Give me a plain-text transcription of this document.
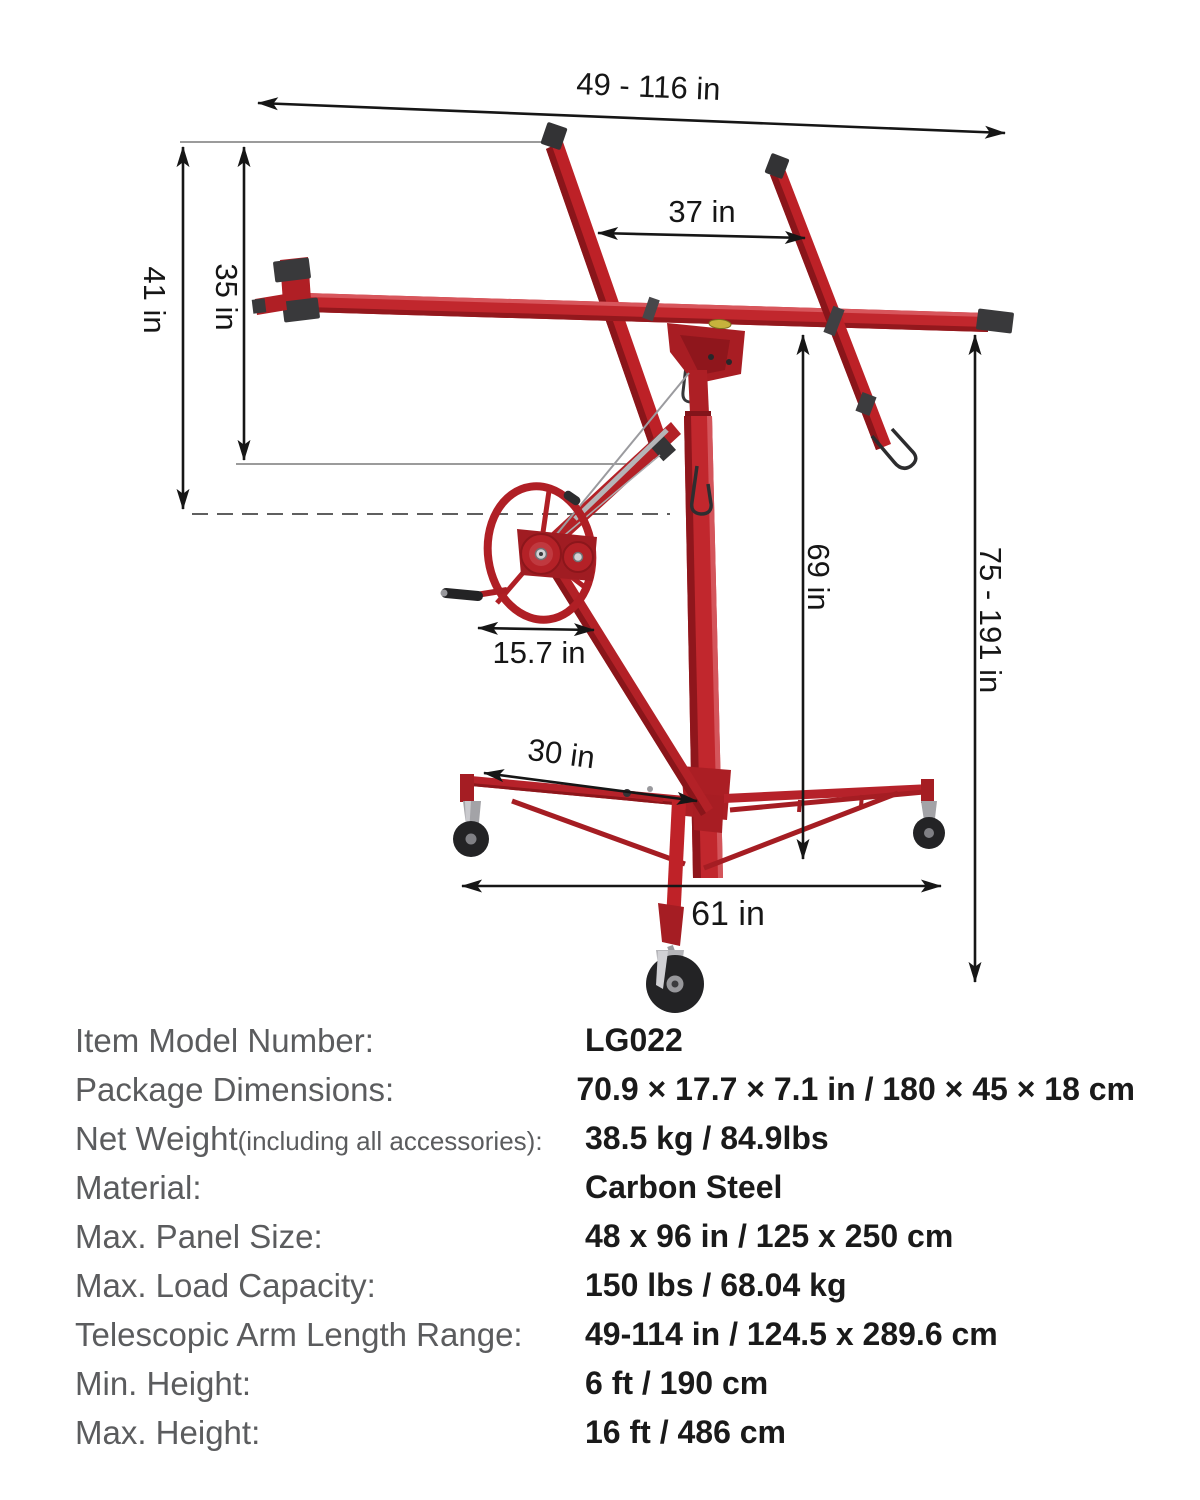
49 - 116 in
41 in 35 in
37 in
15.7 in
69 in	75 - 191 in
30 in
61 in
Item Model Number:	LG022
Package Dimensions:	70.9 × 17.7 × 7.1 in / 180 × 45 × 18 cm
Net Weight(including all accessories):	38.5 kg / 84.9lbs
Material:	Carbon Steel
Max. Panel Size:	48 x 96 in / 125 x 250 cm
Max. Load Capacity:	150 lbs / 68.04 kg
Telescopic Arm Length Range:	49-114 in / 124.5 x 289.6 cm
Min. Height:	6 ft / 190 cm
Max. Height:	16 ft / 486 cm
